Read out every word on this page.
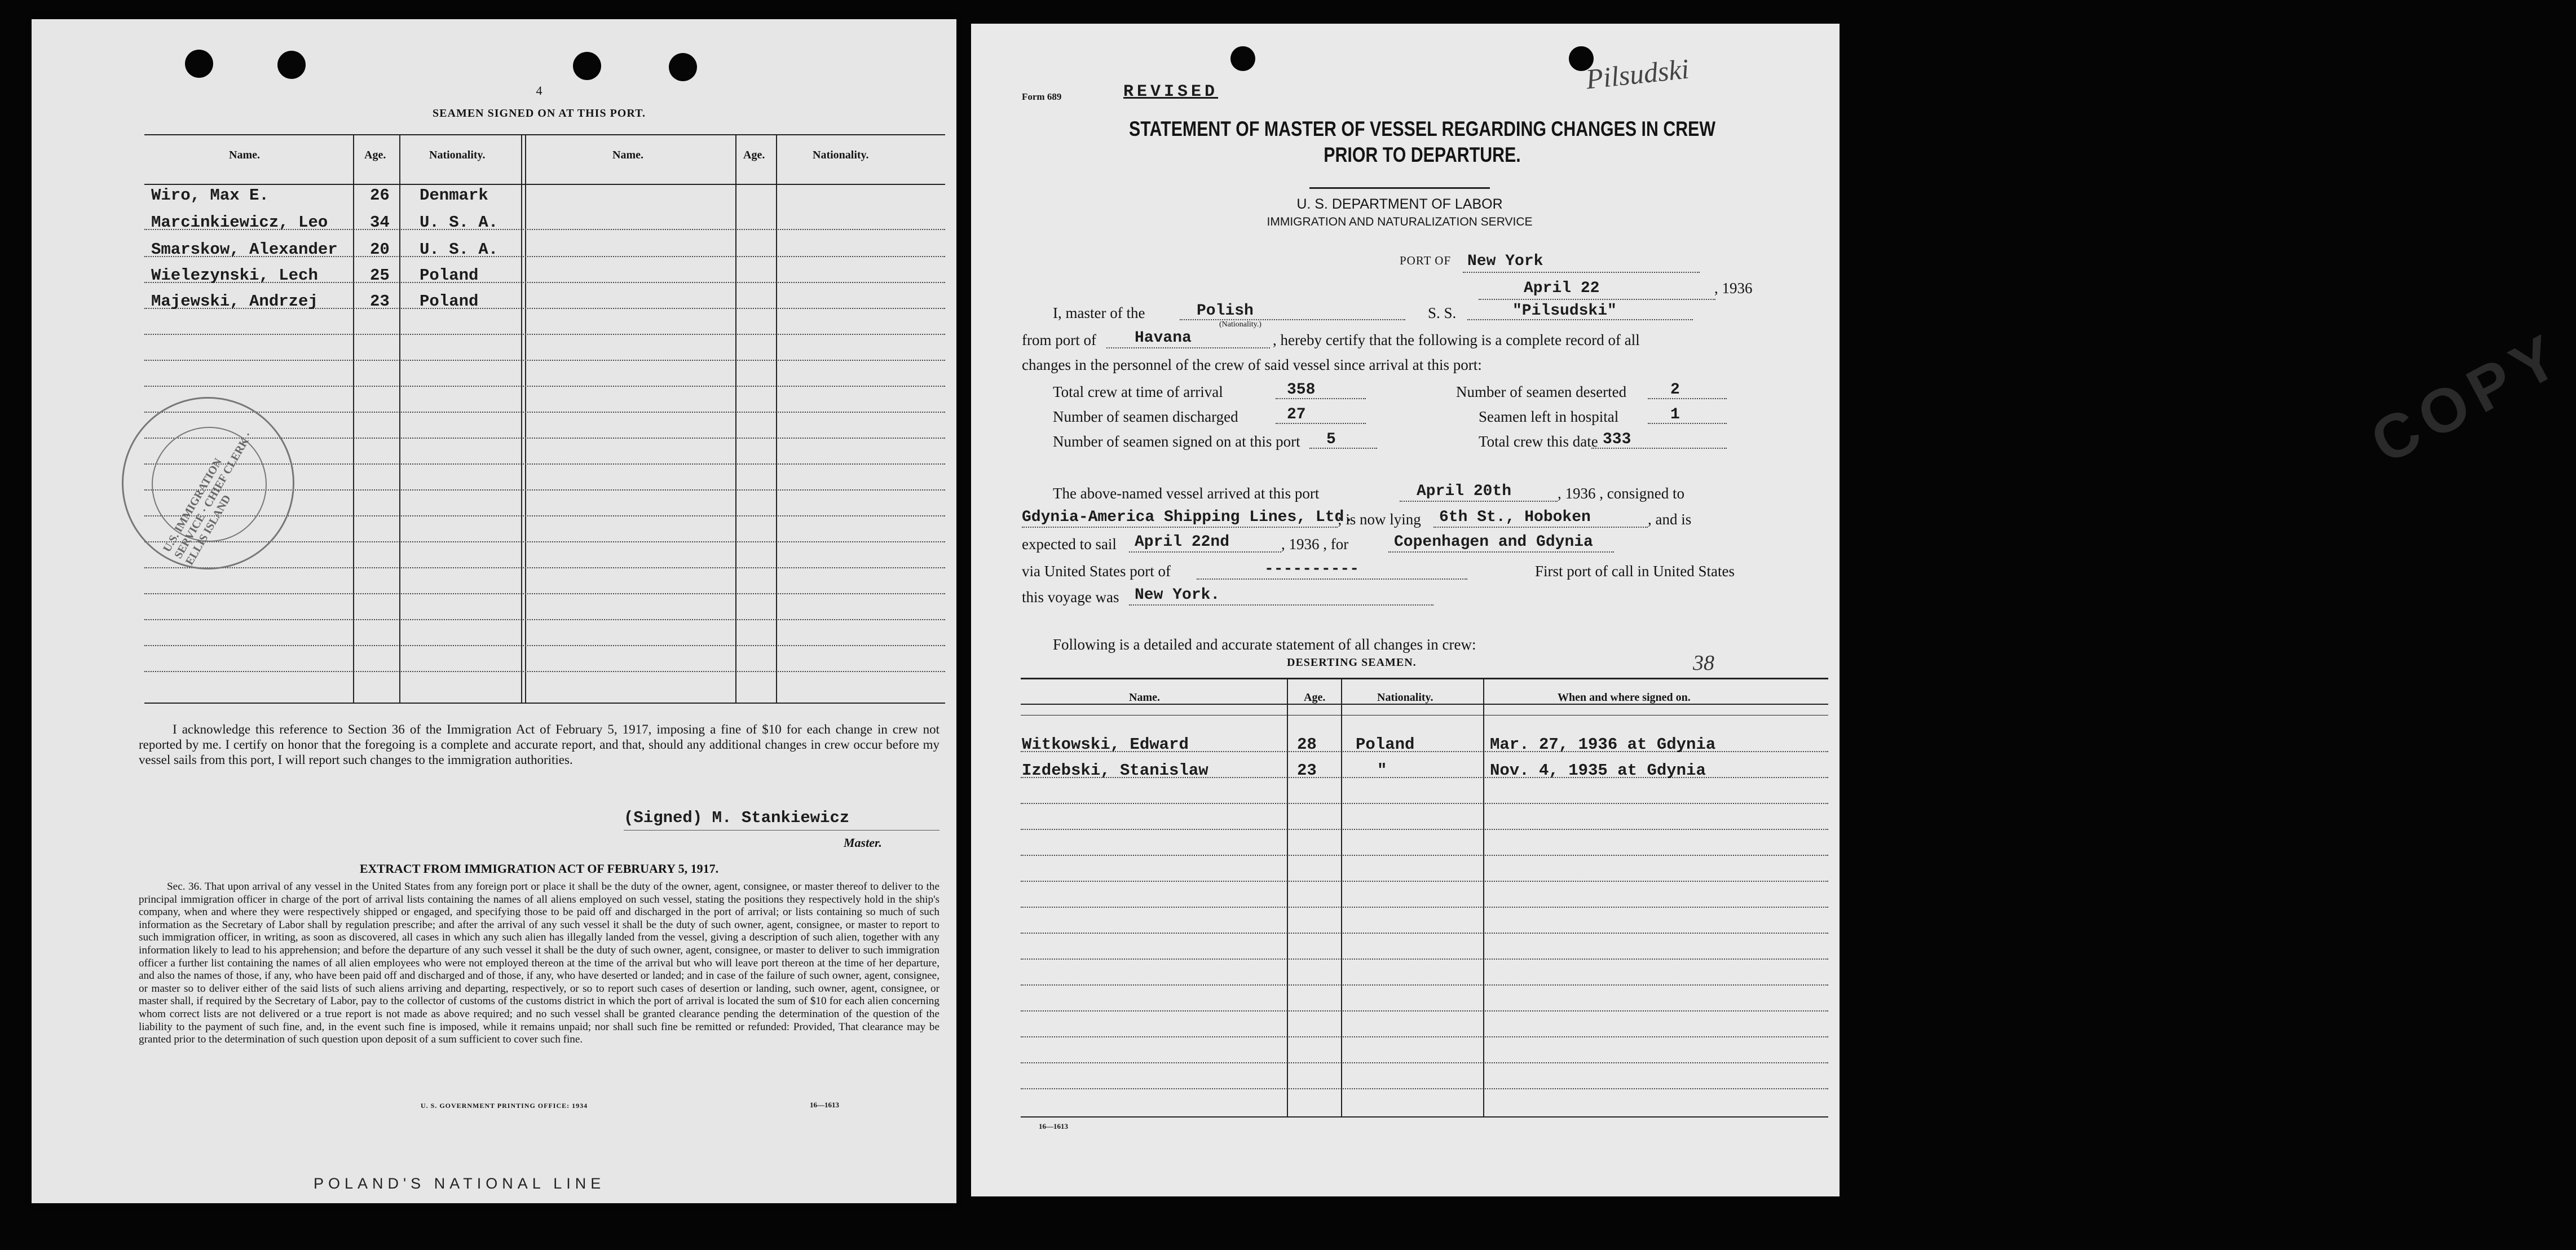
4
SEAMEN SIGNED ON AT THIS PORT.
Name.	Age.	Nationality.	Name.	Age.	Nationality.
Wiro, Max E.	26 Denmark
Marcinkiewicz, Leo	34 U. S. A.
Smarskow, Alexander 20 U. S. A.
Wielezynski, Lech	25 Poland
Majewski, Andrzej	23 Poland
U.S. IMMIGRATION SERVICE · CHIEF CLERK · ELLIS ISLAND
I acknowledge this reference to Section 36 of the Immigration Act of February 5, 1917, imposing a fine of $10 for each change in crew not reported by me. I certify on honor that the foregoing is a complete and accurate report, and that, should any additional changes in crew occur before my vessel sails from this port, I will report such changes to the immigration authorities.
(Signed) M. Stankiewicz
Master.
EXTRACT FROM IMMIGRATION ACT OF FEBRUARY 5, 1917.
Sec. 36. That upon arrival of any vessel in the United States from any foreign port or place it shall be the duty of the owner, agent, consignee, or master thereof to deliver to the principal immigration officer in charge of the port of arrival lists containing the names of all aliens employed on such vessel, stating the positions they respectively hold in the ship's company, when and where they were respectively shipped or engaged, and specifying those to be paid off and discharged in the port of arrival; or lists containing so much of such information as the Secretary of Labor shall by regulation prescribe; and after the arrival of any such vessel it shall be the duty of such owner, agent, consignee, or master to report to such immigration officer, in writing, as soon as discovered, all cases in which any such alien has illegally landed from the vessel, giving a description of such alien, together with any information likely to lead to his apprehension; and before the departure of any such vessel it shall be the duty of such owner, agent, consignee, or master to deliver to such immigration officer a further list containing the names of all alien employees who were not employed thereon at the time of the arrival but who will leave port thereon at the time of her departure, and also the names of those, if any, who have been paid off and discharged and of those, if any, who have deserted or landed; and in case of the failure of such owner, agent, consignee, or master so to deliver either of the said lists of such aliens arriving and departing, respectively, or so to report such cases of desertion or landing, such owner, agent, consignee, or master shall, if required by the Secretary of Labor, pay to the collector of customs of the customs district in which the port of arrival is located the sum of $10 for each alien concerning whom correct lists are not delivered or a true report is not made as above required; and no such vessel shall be granted clearance pending the determination of the question of the liability to the payment of such fine, and, in the event such fine is imposed, while it remains unpaid; nor shall such fine be remitted or refunded: Provided, That clearance may be granted prior to the determination of such question upon deposit of a sum sufficient to cover such fine.
U. S. GOVERNMENT PRINTING OFFICE: 1934	16—1613
POLAND'S NATIONAL LINE
Form 689	REVISED	Pilsudski
STATEMENT OF MASTER OF VESSEL REGARDING CHANGES IN CREW
PRIOR TO DEPARTURE.
U. S. DEPARTMENT OF LABOR
IMMIGRATION AND NATURALIZATION SERVICE
PORT OF New York
April 22	, 1936
I, master of the	Polish
(Nationality.)
S. S.	"Pilsudski"
from port of Havana	, hereby certify that the following is a complete record of all
changes in the personnel of the crew of said vessel since arrival at this port:
Total crew at time of arrival	358	Number of seamen deserted	2
Number of seamen discharged	27	Seamen left in hospital	1
Number of seamen signed on at this port 5	Total crew this date 333	COPY
The above-named vessel arrived at this port	April 20th	, 1936 , consigned to
Gdynia-America Shipping Lines, Ltd.
; is now lying 6th St., Hoboken	, and is
expected to sail April 22nd	, 1936 , for	Copenhagen and Gdynia
via United States port of	----------	First port of call in United States
this voyage was New York.
Following is a detailed and accurate statement of all changes in crew:
DESERTING SEAMEN.	38
Name.	Age.	Nationality.	When and where signed on.
Witkowski, Edward	28 Poland	Mar. 27, 1936 at Gdynia
Izdebski, Stanislaw	23	"	Nov. 4, 1935 at Gdynia
16—1613
